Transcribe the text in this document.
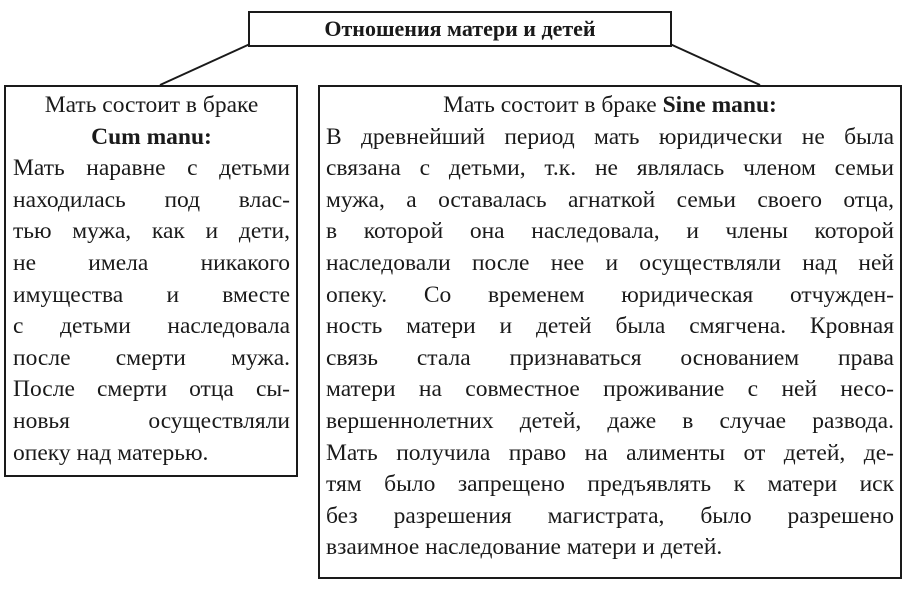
Отношения матери и детей
Мать состоит в браке
Cum manu:
Мать наравне с детьми
находилась под влас-
тью мужа, как и дети,
не имела никакого
имущества и вместе
с детьми наследовала
после смерти мужа.
После смерти отца сы-
новья осуществляли
опеку над матерью.
Мать состоит в браке Sine manu:
В древнейший период мать юридически не была
связана с детьми, т.к. не являлась членом семьи
мужа, а оставалась агнаткой семьи своего отца,
в которой она наследовала, и члены которой
наследовали после нее и осуществляли над ней
опеку. Со временем юридическая отчужден-
ность матери и детей была смягчена. Кровная
связь стала признаваться основанием права
матери на совместное проживание с ней несо-
вершеннолетних детей, даже в случае развода.
Мать получила право на алименты от детей, де-
тям было запрещено предъявлять к матери иск
без разрешения магистрата, было разрешено
взаимное наследование матери и детей.
